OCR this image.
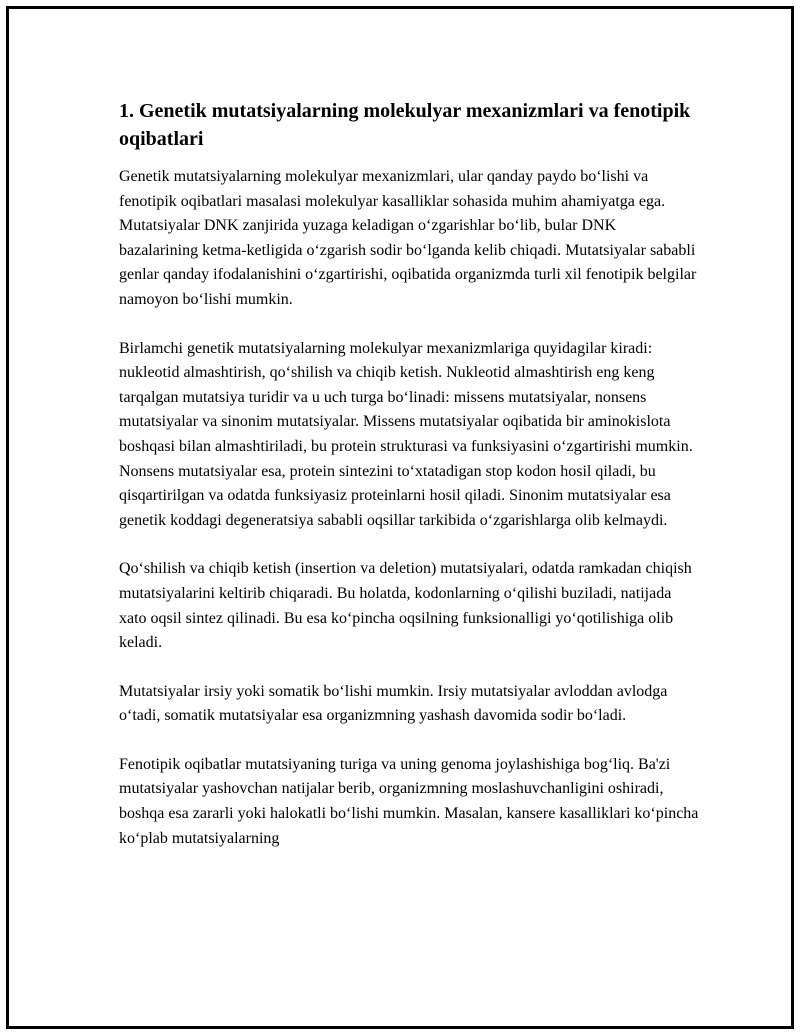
1. Genetik mutatsiyalarning molekulyar mexanizmlari va fenotipik oqibatlari

Genetik mutatsiyalarning molekulyar mexanizmlari, ular qanday paydo bo‘lishi va fenotipik oqibatlari masalasi molekulyar kasalliklar sohasida muhim ahamiyatga ega. Mutatsiyalar DNK zanjirida yuzaga keladigan o‘zgarishlar bo‘lib, bular DNK bazalarining ketma-ketligida o‘zgarish sodir bo‘lganda kelib chiqadi. Mutatsiyalar sababli genlar qanday ifodalanishini o‘zgartirishi, oqibatida organizmda turli xil fenotipik belgilar namoyon bo‘lishi mumkin.

Birlamchi genetik mutatsiyalarning molekulyar mexanizmlariga quyidagilar kiradi: nukleotid almashtirish, qo‘shilish va chiqib ketish. Nukleotid almashtirish eng keng tarqalgan mutatsiya turidir va u uch turga bo‘linadi: missens mutatsiyalar, nonsens mutatsiyalar va sinonim mutatsiyalar. Missens mutatsiyalar oqibatida bir aminokislota boshqasi bilan almashtiriladi, bu protein strukturasi va funksiyasini o‘zgartirishi mumkin. Nonsens mutatsiyalar esa, protein sintezini to‘xtatadigan stop kodon hosil qiladi, bu qisqartirilgan va odatda funksiyasiz proteinlarni hosil qiladi. Sinonim mutatsiyalar esa genetik koddagi degeneratsiya sababli oqsillar tarkibida o‘zgarishlarga olib kelmaydi.

Qo‘shilish va chiqib ketish (insertion va deletion) mutatsiyalari, odatda ramkadan chiqish mutatsiyalarini keltirib chiqaradi. Bu holatda, kodonlarning o‘qilishi buziladi, natijada xato oqsil sintez qilinadi. Bu esa ko‘pincha oqsilning funksionalligi yo‘qotilishiga olib keladi.

Mutatsiyalar irsiy yoki somatik bo‘lishi mumkin. Irsiy mutatsiyalar avloddan avlodga o‘tadi, somatik mutatsiyalar esa organizmning yashash davomida sodir bo‘ladi.

Fenotipik oqibatlar mutatsiyaning turiga va uning genoma joylashishiga bog‘liq. Ba'zi mutatsiyalar yashovchan natijalar berib, organizmning moslashuvchanligini oshiradi, boshqa esa zararli yoki halokatli bo‘lishi mumkin. Masalan, kansere kasalliklari ko‘pincha ko‘plab mutatsiyalarning
